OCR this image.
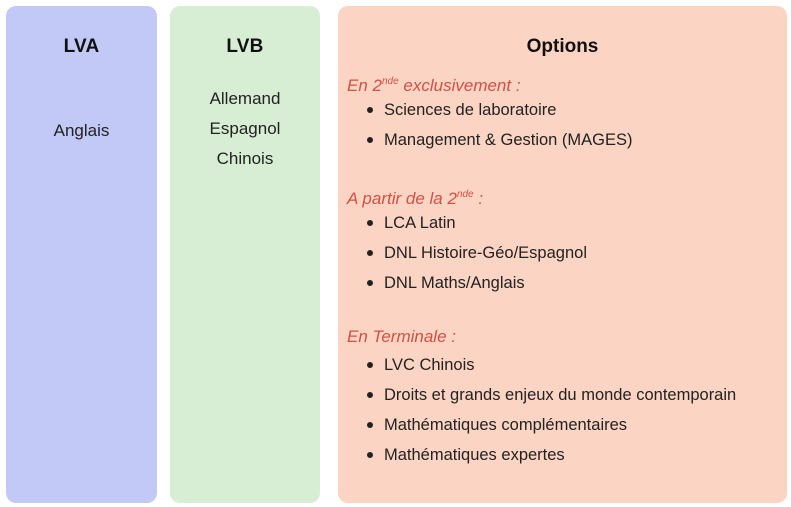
LVA
Anglais
LVB
Allemand
Espagnol
Chinois
Options
En 2nde exclusivement :
Sciences de laboratoire
Management & Gestion (MAGES)
A partir de la 2nde :
LCA Latin
DNL Histoire-Géo/Espagnol
DNL Maths/Anglais
En Terminale :
LVC Chinois
Droits et grands enjeux du monde contemporain
Mathématiques complémentaires
Mathématiques expertes
